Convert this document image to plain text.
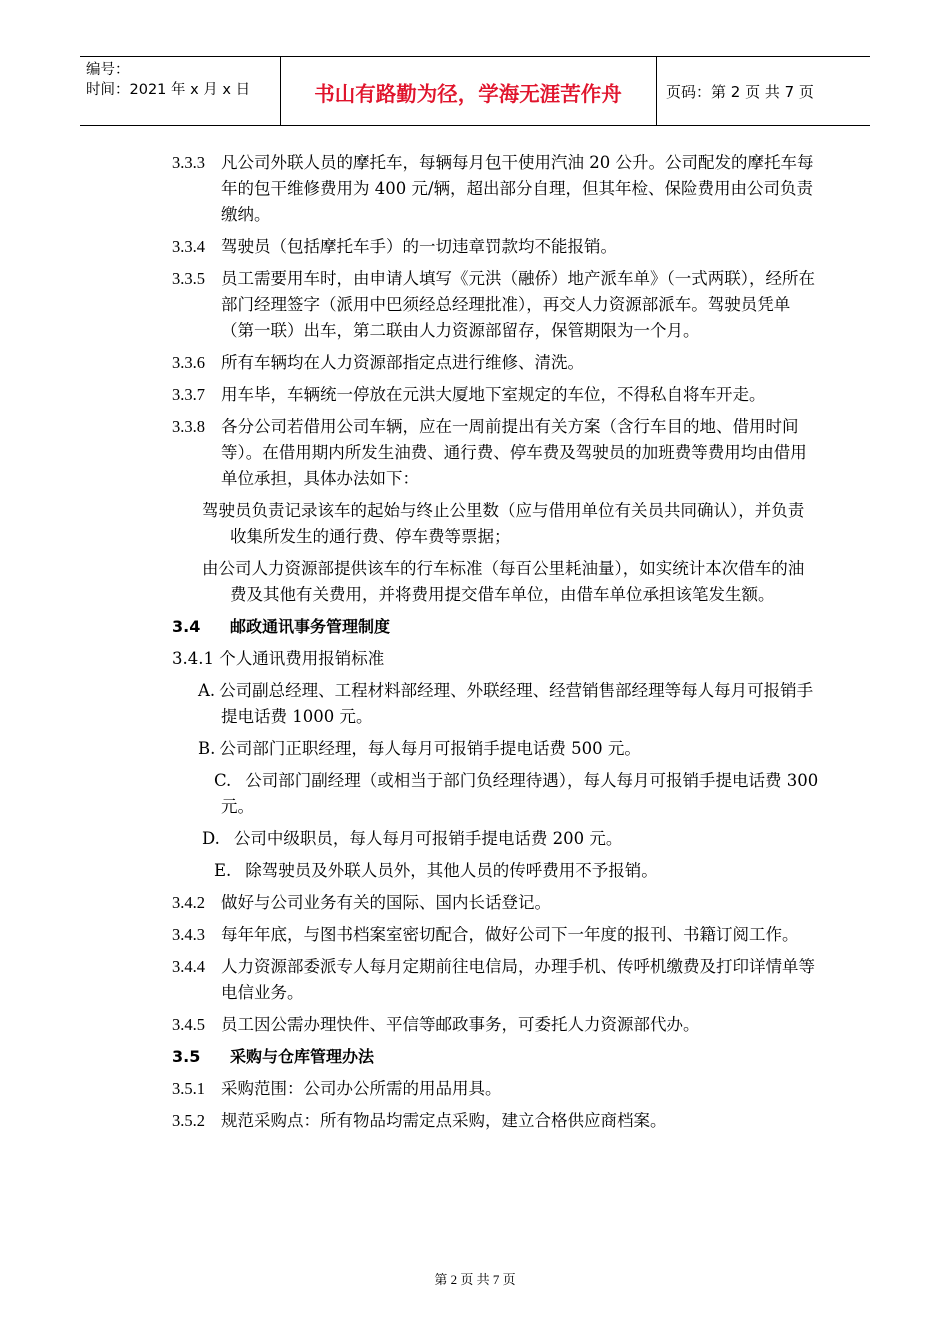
编号：
时间：2021 年 x 月 x 日	书山有路勤为径，学海无涯苦作舟	页码：第 2 页 共 7 页
3.3.3 凡公司外联人员的摩托车，每辆每月包干使用汽油 20 公升。公司配发的摩托车每年的包干维修费用为 400 元/辆，超出部分自理，但其年检、保险费用由公司负责缴纳。
3.3.4 驾驶员（包括摩托车手）的一切违章罚款均不能报销。
3.3.5 员工需要用车时，由申请人填写《元洪（融侨）地产派车单》（一式两联），经所在部门经理签字（派用中巴须经总经理批准），再交人力资源部派车。驾驶员凭单（第一联）出车，第二联由人力资源部留存，保管期限为一个月。
3.3.6 所有车辆均在人力资源部指定点进行维修、清洗。
3.3.7 用车毕，车辆统一停放在元洪大厦地下室规定的车位，不得私自将车开走。
3.3.8 各分公司若借用公司车辆，应在一周前提出有关方案（含行车目的地、借用时间等）。在借用期内所发生油费、通行费、停车费及驾驶员的加班费等费用均由借用单位承担，具体办法如下：
驾驶员负责记录该车的起始与终止公里数（应与借用单位有关员共同确认），并负责收集所发生的通行费、停车费等票据；
由公司人力资源部提供该车的行车标准（每百公里耗油量），如实统计本次借车的油费及其他有关费用，并将费用提交借车单位，由借车单位承担该笔发生额。
3.4 邮政通讯事务管理制度
3.4.1 个人通讯费用报销标准
A. 公司副总经理、工程材料部经理、外联经理、经营销售部经理等每人每月可报销手提电话费 1000 元。
B. 公司部门正职经理，每人每月可报销手提电话费 500 元。
C. 公司部门副经理（或相当于部门负经理待遇），每人每月可报销手提电话费 300 元。
D. 公司中级职员，每人每月可报销手提电话费 200 元。
E. 除驾驶员及外联人员外，其他人员的传呼费用不予报销。
3.4.2 做好与公司业务有关的国际、国内长话登记。
3.4.3 每年年底，与图书档案室密切配合，做好公司下一年度的报刊、书籍订阅工作。
3.4.4 人力资源部委派专人每月定期前往电信局，办理手机、传呼机缴费及打印详情单等电信业务。
3.4.5 员工因公需办理快件、平信等邮政事务，可委托人力资源部代办。
3.5 采购与仓库管理办法
3.5.1 采购范围：公司办公所需的用品用具。
3.5.2 规范采购点：所有物品均需定点采购，建立合格供应商档案。
第 2 页 共 7 页
